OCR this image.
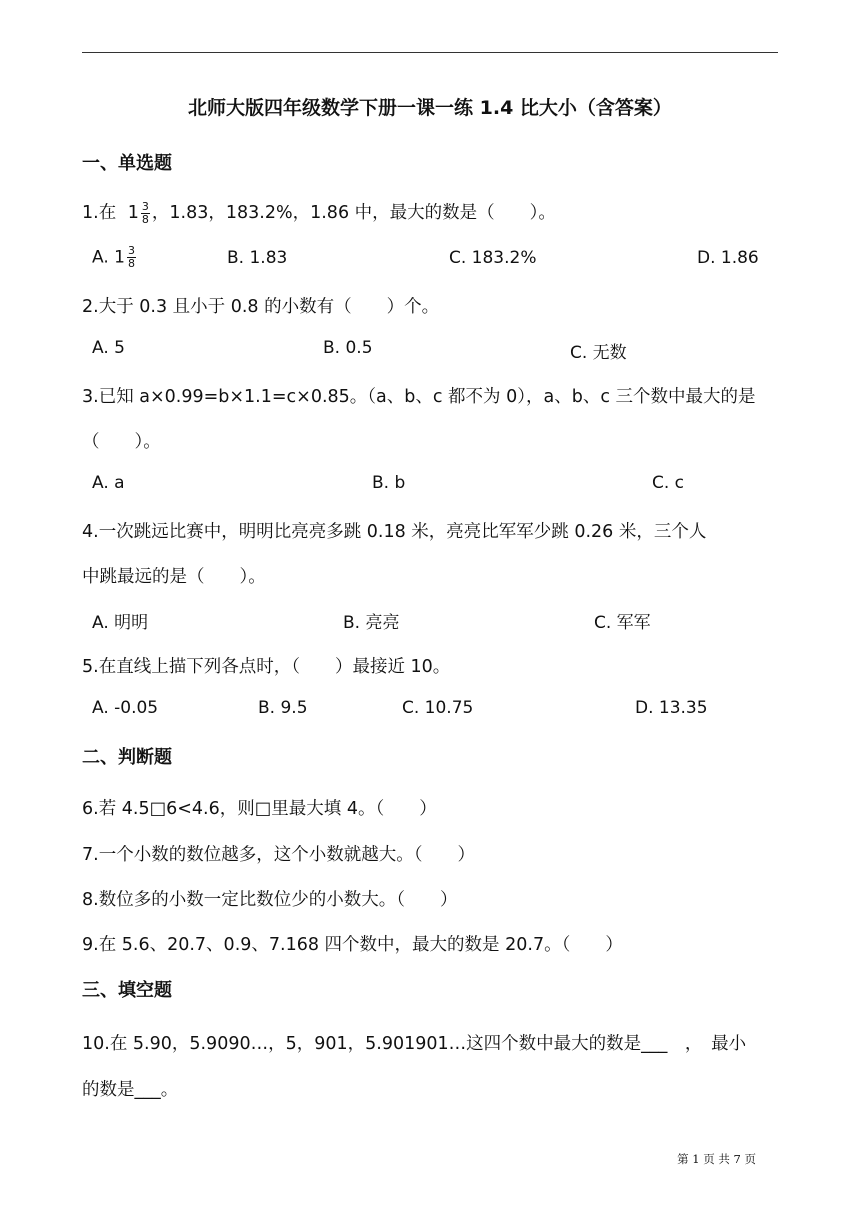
北师大版四年级数学下册一课一练 1.4 比大小（含答案）
一、单选题
1.在 $1 \frac{3}{8}$ ，1.83，183.2%，1.86 中，最大的数是（　　）。
A. $1 \frac{3}{8}$	B. 1.83	C. 183.2%	D. 1.86
2.大于 0.3 且小于 0.8 的小数有（　　）个。
A. 5	B. 0.5	C. 无数
3.已知 a×0.99=b×1.1=c×0.85。（a、b、c 都不为 0），a、b、c 三个数中最大的是
（　　）。
A. a	B. b	C. c
4.一次跳远比赛中，明明比亮亮多跳 0.18 米，亮亮比军军少跳 0.26 米，三个人
中跳最远的是（　　）。
A. 明明	B. 亮亮	C. 军军
5.在直线上描下列各点时，（　　）最接近 10。
A. -0.05	B. 9.5	C. 10.75	D. 13.35
二、判断题
6.若 4.5□6<4.6，则□里最大填 4。（　　）
7.一个小数的数位越多，这个小数就越大。（　　）
8.数位多的小数一定比数位少的小数大。（　　）
9.在 5.6、20.7、0.9、7.168 四个数中，最大的数是 20.7。（　　）
三、填空题
10.在 5.90，5.9090…，5，901，5.901901…这四个数中最大的数是___　，　最小
的数是___。
第 1 页 共 7 页
